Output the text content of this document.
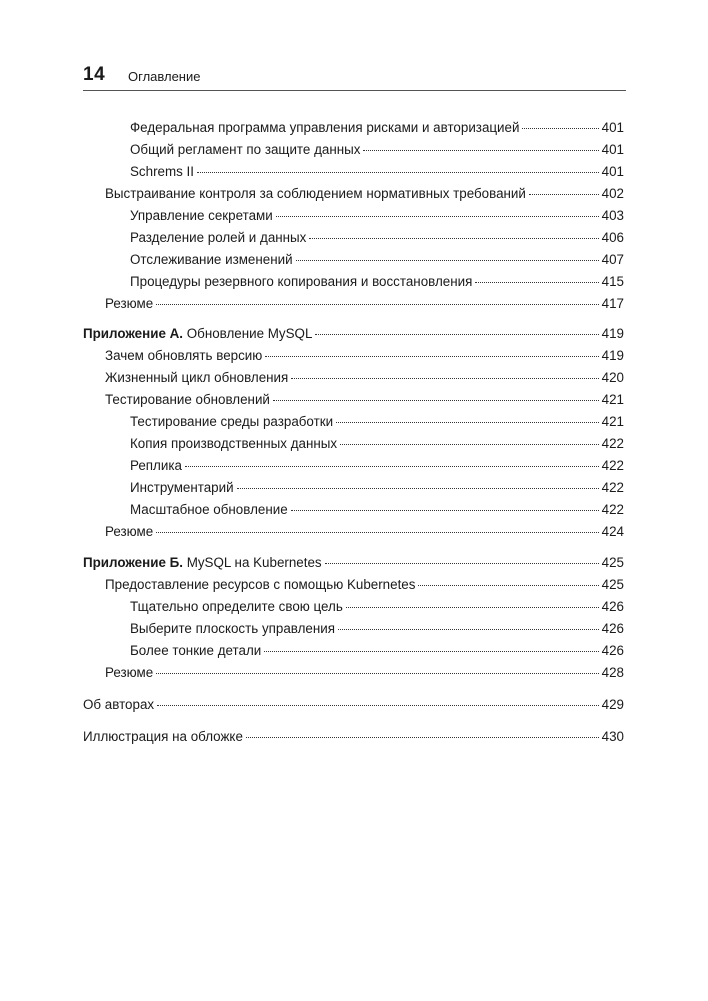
14 Оглавление
Федеральная программа управления рисками и авторизацией	401
Общий регламент по защите данных	401
Schrems II	401
Выстраивание контроля за соблюдением нормативных требований	402
Управление секретами	403
Разделение ролей и данных	406
Отслеживание изменений	407
Процедуры резервного копирования и восстановления	415
Резюме	417
Приложение А. Обновление MySQL	419
Зачем обновлять версию	419
Жизненный цикл обновления	420
Тестирование обновлений	421
Тестирование среды разработки	421
Копия производственных данных	422
Реплика	422
Инструментарий	422
Масштабное обновление	422
Резюме	424
Приложение Б. MySQL на Kubernetes	425
Предоставление ресурсов с помощью Kubernetes	425
Тщательно определите свою цель	426
Выберите плоскость управления	426
Более тонкие детали	426
Резюме	428
Об авторах	429
Иллюстрация на обложке	430
